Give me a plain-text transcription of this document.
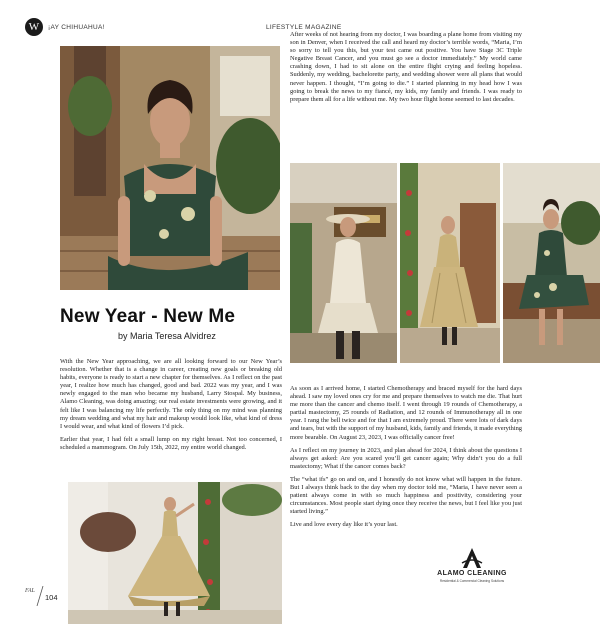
W	¡AY CHIHUAHUA!	LIFESTYLE MAGAZINE
New Year - New Me
by Maria Teresa Alvidrez

With the New Year approaching, we are all looking forward to our New Year’s resolution. Whether that is a change in career, creating new goals or breaking old habits, everyone is ready to start a new chapter for themselves. As I reflect on the past year, I realize how much has changed, good and bad. 2022 was my year, and I was newly engaged to the man who became my husband, Larry Stospal. My business, Alamo Cleaning, was doing amazing; our real estate investments were growing, and it felt like I was balancing my life perfectly. The only thing on my mind was planning my dream wedding and what my hair and makeup would look like, what kind of dress I would wear, and what kind of flowers I’d pick.

Earlier that year, I had felt a small lump on my right breast. Not too concerned, I scheduled a mammogram. On July 15th, 2022, my entire world changed.

After weeks of not hearing from my doctor, I was boarding a plane home from visiting my son in Denver, when I received the call and heard my doctor’s terrible words, “Maria, I’m so sorry to tell you this, but your test came out positive. You have Stage 3C Triple Negative Breast Cancer, and you must go see a doctor immediately.” My world came crashing down, I had to sit alone on the entire flight crying and feeling hopeless. Suddenly, my wedding, bachelorette party, and wedding shower were all plans that would never happen. I thought, “I’m going to die.” I started planning in my head how I was going to break the news to my fiancé, my kids, my family and friends. I was ready to prepare them all for a life without me. My two hour flight home seemed to last decades.

As soon as I arrived home, I started Chemotherapy and braced myself for the hard days ahead. I saw my loved ones cry for me and prepare themselves to watch me die. That hurt me more than the cancer and chemo itself. I went through 19 rounds of Chemotherapy, a partial mastectomy, 25 rounds of Radiation, and 12 rounds of Immunotherapy all in one year. I rang the bell twice and for that I am extremely proud. There were lots of dark days and tears, but with the support of my husband, kids, family and friends, it made everything more bearable. On August 23, 2023, I was officially cancer free!

As I reflect on my journey in 2023, and plan ahead for 2024, I think about the questions I always get asked: Are you scared you’ll get cancer again; Why didn’t you do a full mastectomy; What if the cancer comes back?

The “what ifs” go on and on, and I honestly do not know what will happen in the future. But I always think back to the day when my doctor told me, “Maria, I have never seen a patient always come in with so much happiness and positivity, considering your circumstances. Most people start dying once they receive the news, but I feel like you just started living.”

Live and love every day like it’s your last.

ALAMO CLEANING
Residential & Commercial Cleaning Solutions
FAL
104
